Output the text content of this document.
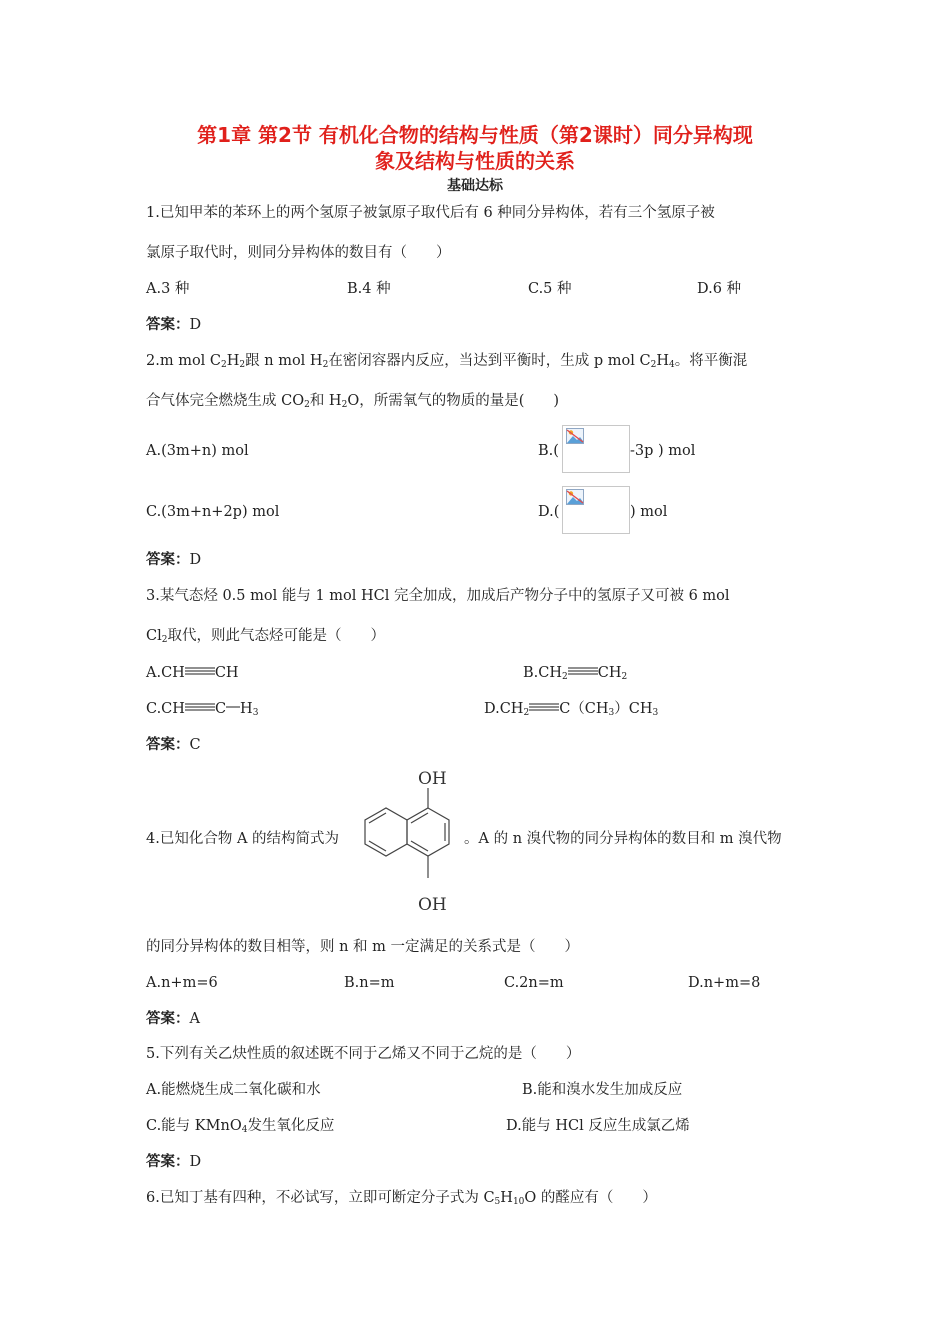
第1章 第2节 有机化合物的结构与性质（第2课时）同分异构现
象及结构与性质的关系
基础达标
1.已知甲苯的苯环上的两个氢原子被氯原子取代后有 6 种同分异构体，若有三个氢原子被
氯原子取代时，则同分异构体的数目有（　　）
A.3 种	B.4 种	C.5 种	D.6 种
答案：D
2.m mol $C_2H_2$跟 n mol $H_2$在密闭容器内反应，当达到平衡时，生成 p mol $C_2H_4$。将平衡混
合气体完全燃烧生成 $CO_2$和 $H_2O$，所需氧气的物质的量是(　　)
A.(3m+n) mol	B.(	-3p ) mol
C.(3m+n+2p) mol	D.(	) mol
答案：D
3.某气态烃 0.5 mol 能与 1 mol HCl 完全加成，加成后产物分子中的氢原子又可被 6 mol
$Cl_2$取代，则此气态烃可能是（　　）
A.CH CH	$B.CH_2$ $CH_2$
C.CH C $H_3$	$D.CH_2$ $C(CH_3)CH_3$
答案：C
4.已知化合物 A 的结构简式为
OH
OH
。A 的 n 溴代物的同分异构体的数目和 m 溴代物
的同分异构体的数目相等，则 n 和 m 一定满足的关系式是（　　）
A.n+m=6	B.n=m	C.2n=m	D.n+m=8
答案：A
5.下列有关乙炔性质的叙述既不同于乙烯又不同于乙烷的是（　　）
A.能燃烧生成二氧化碳和水	B.能和溴水发生加成反应
C.能与 KMnO$_4$发生氧化反应	D.能与 HCl 反应生成氯乙烯
答案：D
6.已知丁基有四种，不必试写，立即可断定分子式为 $C_5H_{10}O$ 的醛应有（　　）
